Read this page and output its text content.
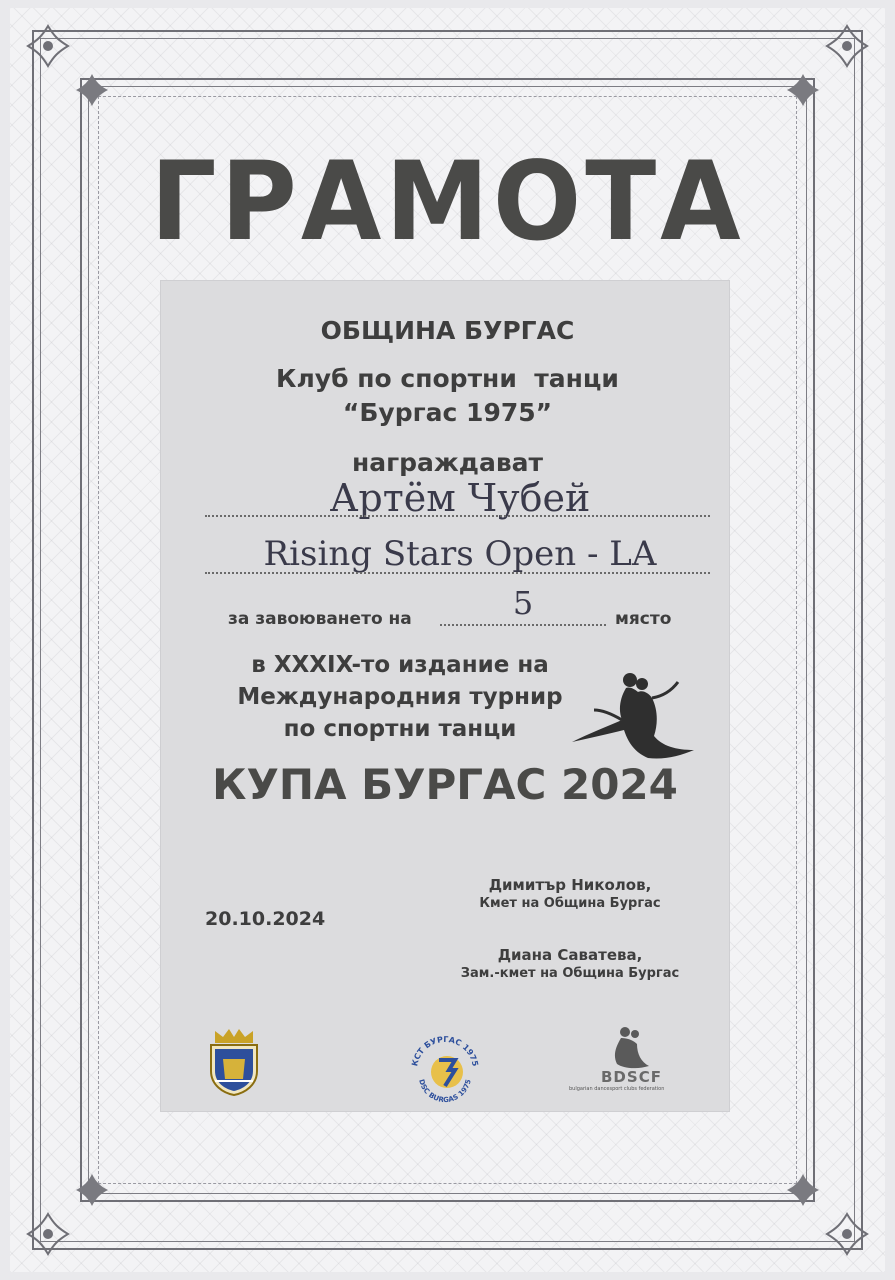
ГРАМОТА
ОБЩИНА БУРГАС
Клуб по спортни  танци
“Бургас 1975”
награждават
Артём Чубей
Rising Stars Open - LA
за завоюването на	5	място
в XXXIX-то издание на
Международния турнир
по спортни танци
КУПА БУРГАС 2024
20.10.2024
Димитър Николов,
Кмет на Община Бургас
Диана Саватева,
Зам.-кмет на Община Бургас
КСТ БУРГАС 1975
DSC BURGAS 1975	BDSCF
bulgarian dancesport clubs federation
